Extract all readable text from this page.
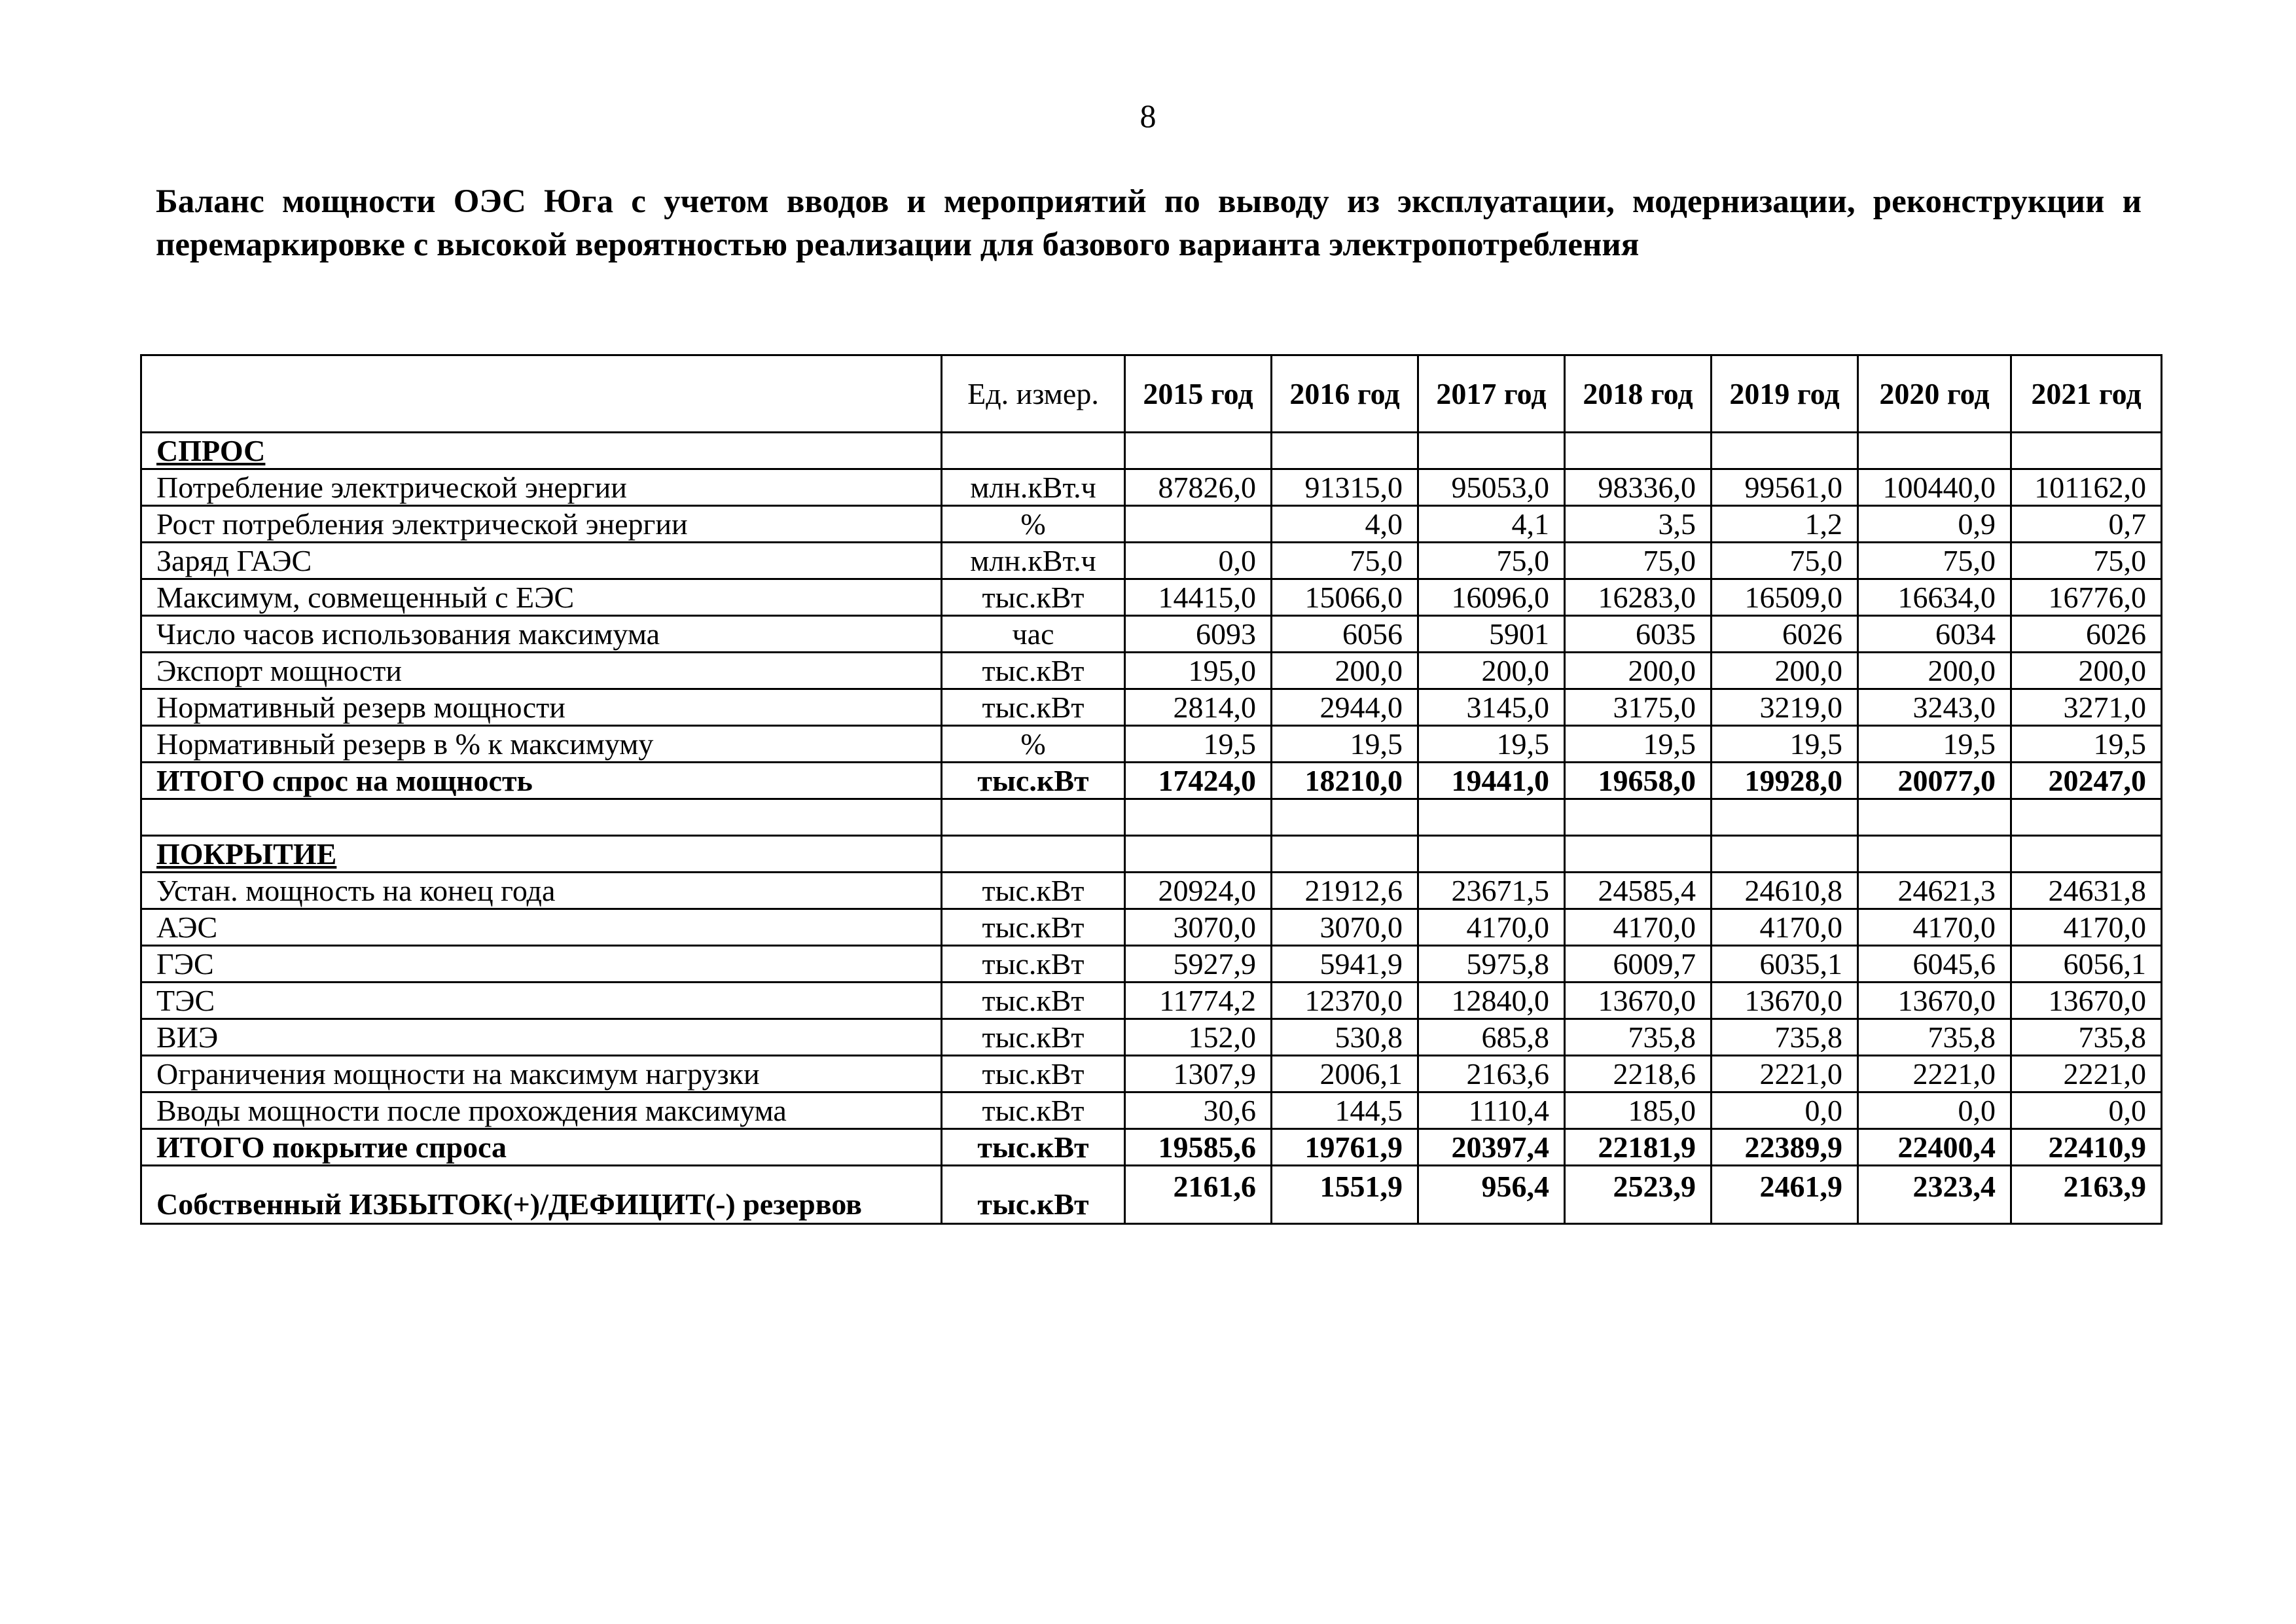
8
Баланс мощности ОЭС Юга с учетом вводов и мероприятий по выводу из эксплуатации, модернизации, реконструкции и перемаркировке с высокой вероятностью реализации для базового варианта электропотребления
	Ед. измер.	2015 год	2016 год	2017 год	2018 год	2019 год	2020 год	2021 год
СПРОС								
Потребление электрической энергии	млн.кВт.ч	87826,0	91315,0	95053,0	98336,0	99561,0	100440,0	101162,0
Рост потребления электрической энергии	%		4,0	4,1	3,5	1,2	0,9	0,7
Заряд ГАЭС	млн.кВт.ч	0,0	75,0	75,0	75,0	75,0	75,0	75,0
Максимум, совмещенный с ЕЭС	тыс.кВт	14415,0	15066,0	16096,0	16283,0	16509,0	16634,0	16776,0
Число часов использования максимума	час	6093	6056	5901	6035	6026	6034	6026
Экспорт мощности	тыс.кВт	195,0	200,0	200,0	200,0	200,0	200,0	200,0
Нормативный резерв мощности	тыс.кВт	2814,0	2944,0	3145,0	3175,0	3219,0	3243,0	3271,0
Нормативный резерв в % к максимуму	%	19,5	19,5	19,5	19,5	19,5	19,5	19,5
ИТОГО спрос на мощность	тыс.кВт	17424,0	18210,0	19441,0	19658,0	19928,0	20077,0	20247,0

ПОКРЫТИЕ								
Устан. мощность на конец года	тыс.кВт	20924,0	21912,6	23671,5	24585,4	24610,8	24621,3	24631,8
АЭС	тыс.кВт	3070,0	3070,0	4170,0	4170,0	4170,0	4170,0	4170,0
ГЭС	тыс.кВт	5927,9	5941,9	5975,8	6009,7	6035,1	6045,6	6056,1
ТЭС	тыс.кВт	11774,2	12370,0	12840,0	13670,0	13670,0	13670,0	13670,0
ВИЭ	тыс.кВт	152,0	530,8	685,8	735,8	735,8	735,8	735,8
Ограничения мощности на максимум нагрузки	тыс.кВт	1307,9	2006,1	2163,6	2218,6	2221,0	2221,0	2221,0
Вводы мощности после прохождения максимума	тыс.кВт	30,6	144,5	1110,4	185,0	0,0	0,0	0,0
ИТОГО покрытие спроса	тыс.кВт	19585,6	19761,9	20397,4	22181,9	22389,9	22400,4	22410,9
Собственный ИЗБЫТОК(+)/ДЕФИЦИТ(-) резервов	тыс.кВт	2161,6	1551,9	956,4	2523,9	2461,9	2323,4	2163,9
